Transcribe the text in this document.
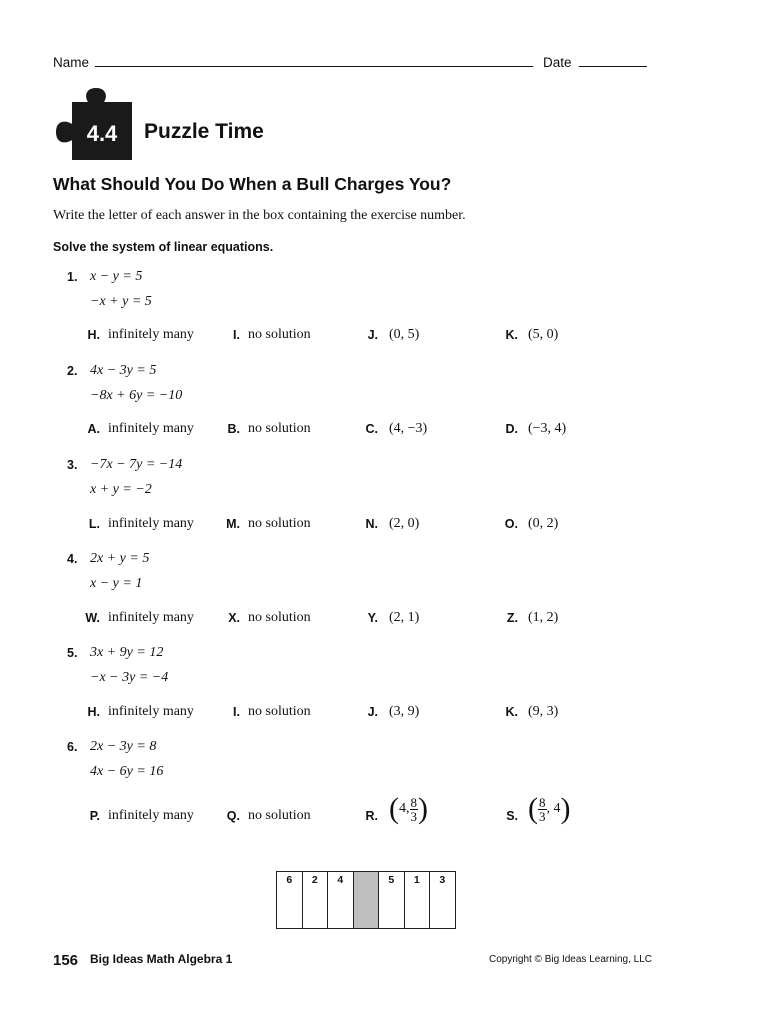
Name	Date
4.4	Puzzle Time
What Should You Do When a Bull Charges You?
Write the letter of each answer in the box containing the exercise number.
Solve the system of linear equations.
1. x − y = 5
−x + y = 5
H. infinitely many	I. no solution	J. (0, 5)	K. (5, 0)
2. 4x − 3y = 5
−8x + 6y = −10
A. infinitely many	B. no solution	C. (4, −3)	D. (−3, 4)
3. −7x − 7y = −14
x + y = −2
L. infinitely many	M. no solution	N. (2, 0)	O. (0, 2)
4. 2x + y = 5
x − y = 1
W. infinitely many	X. no solution	Y. (2, 1)	Z. (1, 2)
5. 3x + 9y = 12
−x − 3y = −4
H. infinitely many	I. no solution	J. (3, 9)	K. (9, 3)
6. 2x − 3y = 8
4x − 6y = 16
P. infinitely many	Q. no solution	R. (4, $\frac{8}{3}$ )	S. ( $\frac{8}{3}$ , 4)
6	2	4		5	1	3
156 Big Ideas Math Algebra 1	Copyright © Big Ideas Learning, LLC
